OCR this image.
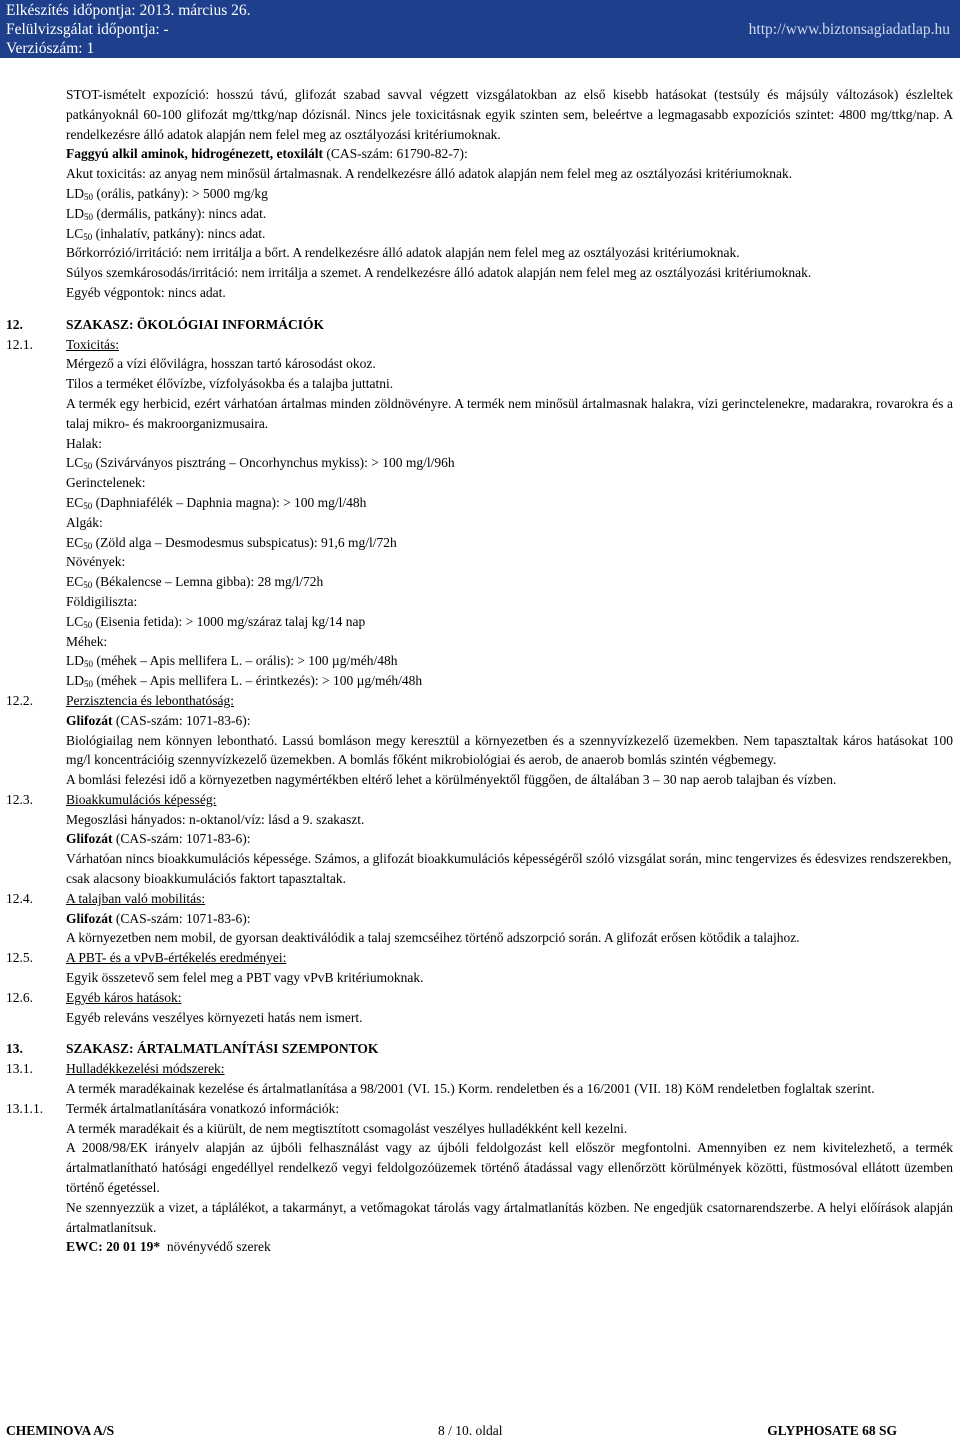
Elkészítés időpontja: 2013. március 26.
Felülvizsgálat időpontja: -
Verziószám: 1
http://www.biztonsagiadatlap.hu
STOT-ismételt expozíció: hosszú távú, glifozát szabad savval végzett vizsgálatokban az első kisebb hatásokat (testsúly és májsúly változások) észleltek patkányoknál 60-100 glifozát mg/ttkg/nap dózisnál. Nincs jele toxicitásnak egyik szinten sem, beleértve a legmagasabb expozíciós szintet: 4800 mg/ttkg/nap. A rendelkezésre álló adatok alapján nem felel meg az osztályozási kritériumoknak.
Faggyú alkil aminok, hidrogénezett, etoxilált (CAS-szám: 61790-82-7):
Akut toxicitás: az anyag nem minősül ártalmasnak. A rendelkezésre álló adatok alapján nem felel meg az osztályozási kritériumoknak.
$LD_{50}$ (orális, patkány): > 5000 mg/kg
$LD_{50}$ (dermális, patkány): nincs adat.
$LC_{50}$ (inhalatív, patkány): nincs adat.
Bőrkorrózió/irritáció: nem irritálja a bőrt. A rendelkezésre álló adatok alapján nem felel meg az osztályozási kritériumoknak.
Súlyos szemkárosodás/irritáció: nem irritálja a szemet. A rendelkezésre álló adatok alapján nem felel meg az osztályozási kritériumoknak.
Egyéb végpontok: nincs adat.
12.	SZAKASZ: ÖKOLÓGIAI INFORMÁCIÓK
12.1. Toxicitás:
Mérgező a vízi élővilágra, hosszan tartó károsodást okoz.
Tilos a terméket élővízbe, vízfolyásokba és a talajba juttatni.
A termék egy herbicid, ezért várhatóan ártalmas minden zöldnövényre. A termék nem minősül ártalmasnak halakra, vízi gerinctelenekre, madarakra, rovarokra és a talaj mikro- és makroorganizmusaira.
Halak:
$LC_{50}$ (Szivárványos pisztráng – Oncorhynchus mykiss): > 100 mg/l/96h
Gerinctelenek:
$EC_{50}$ (Daphniafélék – Daphnia magna): > 100 mg/l/48h
Algák:
$EC_{50}$ (Zöld alga – Desmodesmus subspicatus): 91,6 mg/l/72h
Növények:
$EC_{50}$ (Békalencse – Lemna gibba): 28 mg/l/72h
Földigiliszta:
$LC_{50}$ (Eisenia fetida): > 1000 mg/száraz talaj kg/14 nap
Méhek:
$LD_{50}$ (méhek – Apis mellifera L. – orális): > 100 µg/méh/48h
$LD_{50}$ (méhek – Apis mellifera L. – érintkezés): > 100 µg/méh/48h
12.2. Perzisztencia és lebonthatóság:
Glifozát (CAS-szám: 1071-83-6):
Biológiailag nem könnyen lebontható. Lassú bomláson megy keresztül a környezetben és a szennyvízkezelő üzemekben. Nem tapasztaltak káros hatásokat 100 mg/l koncentrációig szennyvízkezelő üzemekben. A bomlás főként mikrobiológiai és aerob, de anaerob bomlás szintén végbemegy.
A bomlási felezési idő a környezetben nagymértékben eltérő lehet a körülményektől függően, de általában 3 – 30 nap aerob talajban és vízben.
12.3. Bioakkumulációs képesség:
Megoszlási hányados: n-oktanol/víz: lásd a 9. szakaszt.
Glifozát (CAS-szám: 1071-83-6):
Várhatóan nincs bioakkumulációs képessége. Számos, a glifozát bioakkumulációs képességéről szóló vizsgálat során, minc tengervizes és édesvizes rendszerekben, csak alacsony bioakkumulációs faktort tapasztaltak.
12.4. A talajban való mobilitás:
Glifozát (CAS-szám: 1071-83-6):
A környezetben nem mobil, de gyorsan deaktiválódik a talaj szemcséihez történő adszorpció során. A glifozát erősen kötődik a talajhoz.
12.5. A PBT- és a vPvB-értékelés eredményei:
Egyik összetevő sem felel meg a PBT vagy vPvB kritériumoknak.
12.6. Egyéb káros hatások:
Egyéb releváns veszélyes környezeti hatás nem ismert.
13.	SZAKASZ: ÁRTALMATLANÍTÁSI SZEMPONTOK
13.1. Hulladékkezelési módszerek:
A termék maradékainak kezelése és ártalmatlanítása a 98/2001 (VI. 15.) Korm. rendeletben és a 16/2001 (VII. 18) KöM rendeletben foglaltak szerint.
13.1.1. Termék ártalmatlanítására vonatkozó információk:
A termék maradékait és a kiürült, de nem megtisztított csomagolást veszélyes hulladékként kell kezelni.
A 2008/98/EK irányelv alapján az újbóli felhasználást vagy az újbóli feldolgozást kell először megfontolni. Amennyiben ez nem kivitelezhető, a termék ártalmatlanítható hatósági engedéllyel rendelkező vegyi feldolgozóüzemek történő átadással vagy ellenőrzött körülmények közötti, füstmosóval ellátott üzemben történő égetéssel.
Ne szennyezzük a vizet, a táplálékot, a takarmányt, a vetőmagokat tárolás vagy ártalmatlanítás közben. Ne engedjük csatornarendszerbe. A helyi előírások alapján ártalmatlanítsuk.
EWC: 20 01 19*  növényvédő szerek
CHEMINOVA A/S	8 / 10. oldal	GLYPHOSATE 68 SG
